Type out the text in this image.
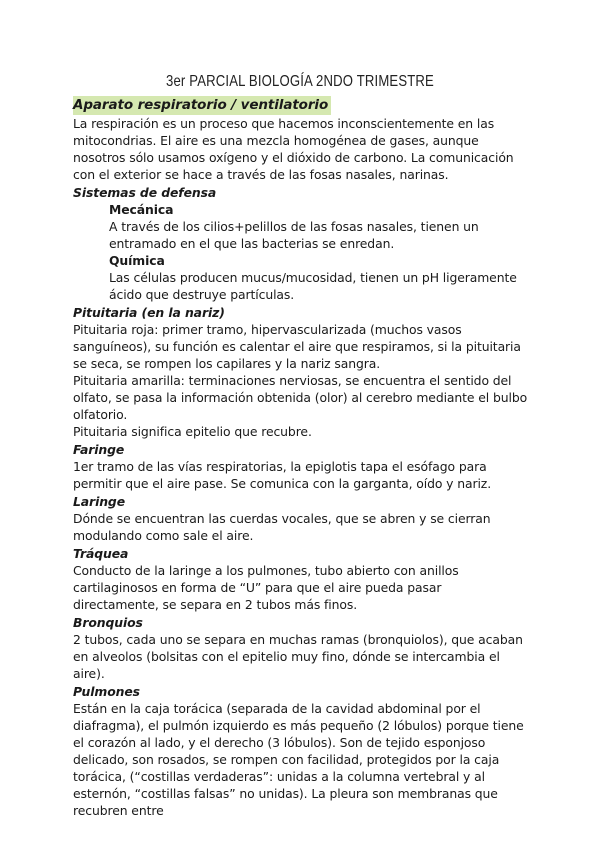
3er PARCIAL BIOLOGÍA 2NDO TRIMESTRE
Aparato respiratorio / ventilatorio

La respiración es un proceso que hacemos inconscientemente en las mitocondrias. El aire es una mezcla homogénea de gases, aunque nosotros sólo usamos oxígeno y el dióxido de carbono. La comunicación con el exterior se hace a través de las fosas nasales, narinas.

Sistemas de defensa
Mecánica

A través de los cilios+pelillos de las fosas nasales, tienen un entramado en el que las bacterias se enredan.

Química

Las células producen mucus/mucosidad, tienen un pH ligeramente ácido que destruye partículas.

Pituitaria (en la nariz)

Pituitaria roja: primer tramo, hipervascularizada (muchos vasos sanguíneos), su función es calentar el aire que respiramos, si la pituitaria se seca, se rompen los capilares y la nariz sangra.

Pituitaria amarilla: terminaciones nerviosas, se encuentra el sentido del olfato, se pasa la información obtenida (olor) al cerebro mediante el bulbo olfatorio.

Pituitaria significa epitelio que recubre.

Faringe

1er tramo de las vías respiratorias, la epiglotis tapa el esófago para permitir que el aire pase. Se comunica con la garganta, oído y nariz.

Laringe

Dónde se encuentran las cuerdas vocales, que se abren y se cierran modulando como sale el aire.

Tráquea

Conducto de la laringe a los pulmones, tubo abierto con anillos cartilaginosos en forma de “U” para que el aire pueda pasar directamente, se separa en 2 tubos más finos.

Bronquios

2 tubos, cada uno se separa en muchas ramas (bronquiolos), que acaban en alveolos (bolsitas con el epitelio muy fino, dónde se intercambia el aire).

Pulmones

Están en la caja torácica (separada de la cavidad abdominal por el diafragma), el pulmón izquierdo es más pequeño (2 lóbulos) porque tiene el corazón al lado, y el derecho (3 lóbulos). Son de tejido esponjoso delicado, son rosados, se rompen con facilidad, protegidos por la caja torácica, (“costillas verdaderas”: unidas a la columna vertebral y al esternón, “costillas falsas” no unidas). La pleura son membranas que recubren entre
